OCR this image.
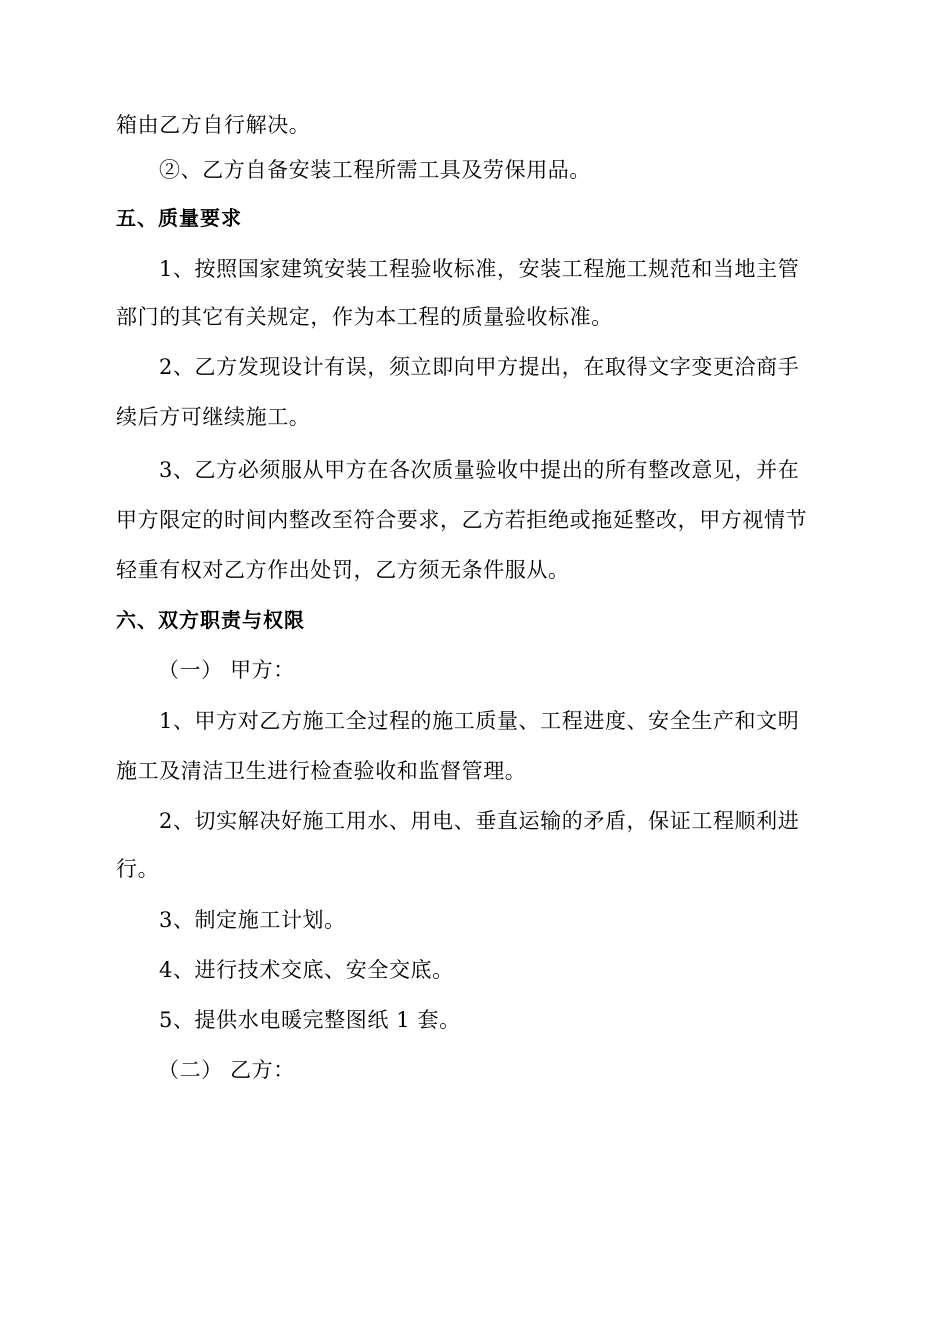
箱由乙方自行解决。
②、乙方自备安装工程所需工具及劳保用品。
五、质量要求
1、按照国家建筑安装工程验收标准，安装工程施工规范和当地主管
部门的其它有关规定，作为本工程的质量验收标准。
2、乙方发现设计有误，须立即向甲方提出，在取得文字变更洽商手
续后方可继续施工。
3、乙方必须服从甲方在各次质量验收中提出的所有整改意见，并在
甲方限定的时间内整改至符合要求，乙方若拒绝或拖延整改，甲方视情节
轻重有权对乙方作出处罚，乙方须无条件服从。
六、双方职责与权限
（一） 甲方：
1、甲方对乙方施工全过程的施工质量、工程进度、安全生产和文明
施工及清洁卫生进行检查验收和监督管理。
2、切实解决好施工用水、用电、垂直运输的矛盾，保证工程顺利进
行。
3、制定施工计划。
4、进行技术交底、安全交底。
5、提供水电暖完整图纸 1 套。
（二） 乙方：
